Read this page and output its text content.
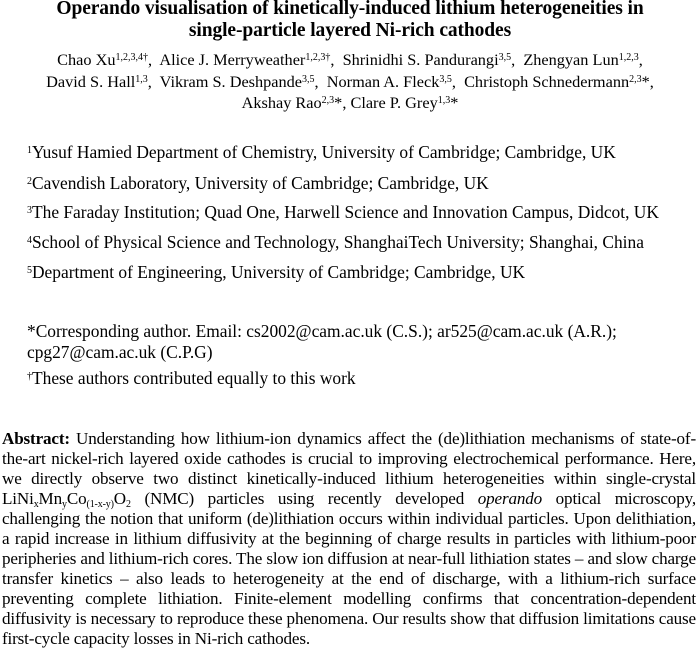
Operando visualisation of kinetically-induced lithium heterogeneities in
single-particle layered Ni-rich cathodes
Chao $Xu^{1,2,3,4\dagger}$,  Alice J. Merryweather$^{1,2,3\dagger}$,  Shrinidhi S. Pandurangi$^{3,5}$,  Zhengyan Lun$^{1,2,3}$,
David S. Hall$^{1,3}$,  Vikram S. Deshpande$^{3,5}$,  Norman A. Fleck$^{3,5}$,  Christoph Schnedermann$^{2,3}$*,
Akshay Rao$^{2,3}$*, Clare P. Grey$^{1,3}$*
$^1$Yusuf Hamied Department of Chemistry, University of Cambridge; Cambridge, UK
$^2$Cavendish Laboratory, University of Cambridge; Cambridge, UK
$^3$The Faraday Institution; Quad One, Harwell Science and Innovation Campus, Didcot, UK
$^4$School of Physical Science and Technology, ShanghaiTech University; Shanghai, China
$^5$Department of Engineering, University of Cambridge; Cambridge, UK
*Corresponding author. Email: cs2002@cam.ac.uk (C.S.); ar525@cam.ac.uk (A.R.); cpg27@cam.ac.uk (C.P.G)
†These authors contributed equally to this work
Abstract: Understanding how lithium-ion dynamics affect the (de)lithiation mechanisms of state-of-the-art nickel-rich layered oxide cathodes is crucial to improving electrochemical performance. Here, we directly observe two distinct kinetically-induced lithium heterogeneities within single-crystal $LiNi_xMn_yCo_{(1-x-y)}O_2$ (NMC) particles using recently developed operando optical microscopy, challenging the notion that uniform (de)lithiation occurs within individual particles. Upon delithiation, a rapid increase in lithium diffusivity at the beginning of charge results in particles with lithium-poor peripheries and lithium-rich cores. The slow ion diffusion at near-full lithiation states – and slow charge transfer kinetics – also leads to heterogeneity at the end of discharge, with a lithium-rich surface preventing complete lithiation. Finite-element modelling confirms that concentration-dependent diffusivity is necessary to reproduce these phenomena. Our results show that diffusion limitations cause first-cycle capacity losses in Ni-rich cathodes.
